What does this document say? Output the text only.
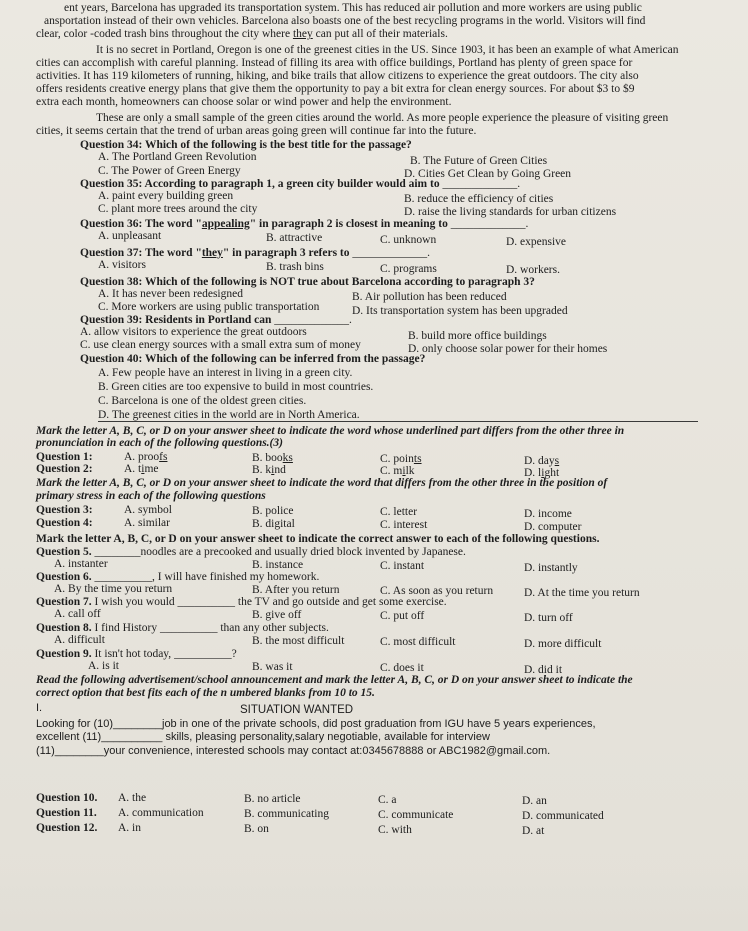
ent years, Barcelona has upgraded its transportation system. This has reduced air pollution and more workers are using public
ansportation instead of their own vehicles. Barcelona also boasts one of the best recycling programs in the world. Visitors will find
clear, color -coded trash bins throughout the city where they can put all of their materials.
It is no secret in Portland, Oregon is one of the greenest cities in the US. Since 1903, it has been an example of what American
cities can accomplish with careful planning. Instead of filling its area with office buildings, Portland has plenty of green space for
activities. It has 119 kilometers of running, hiking, and bike trails that allow citizens to experience the great outdoors. The city also
offers residents creative energy plans that give them the opportunity to pay a bit extra for clean energy sources. For about $3 to $9
extra each month, homeowners can choose solar or wind power and help the environment.
These are only a small sample of the green cities around the world. As more people experience the pleasure of visiting green
cities, it seems certain that the trend of urban areas going green will continue far into the future.
Question 34: Which of the following is the best title for the passage?
A. The Portland Green Revolution	B. The Future of Green Cities
C. The Power of Green Energy	D. Cities Get Clean by Going Green
Question 35: According to paragraph 1, a green city builder would aim to _____________.
A. paint every building green	B. reduce the efficiency of cities
C. plant more trees around the city	D. raise the living standards for urban citizens
Question 36: The word "appealing" in paragraph 2 is closest in meaning to _____________.
A. unpleasant	B. attractive	C. unknown	D. expensive
Question 37: The word "they" in paragraph 3 refers to _____________.
A. visitors	B. trash bins	C. programs	D. workers.
Question 38: Which of the following is NOT true about Barcelona according to paragraph 3?
A. It has never been redesigned	B. Air pollution has been reduced
C. More workers are using public transportation	D. Its transportation system has been upgraded
Question 39: Residents in Portland can _____________.
A. allow visitors to experience the great outdoors	B. build more office buildings
C. use clean energy sources with a small extra sum of money	D. only choose solar power for their homes
Question 40: Which of the following can be inferred from the passage?
A. Few people have an interest in living in a green city.
B. Green cities are too expensive to build in most countries.
C. Barcelona is one of the oldest green cities.
D. The greenest cities in the world are in North America.
Mark the letter A, B, C, or D on your answer sheet to indicate the word whose underlined part differs from the other three in
pronunciation in each of the following questions.(3)
Question 1:	A. proofs	B. books	C. points	D. days
Question 2:	A. time	B. kind	C. milk	D. light
Mark the letter A, B, C, or D on your answer sheet to indicate the word that differs from the other three in the position of
primary stress in each of the following questions
Question 3:	A. symbol	B. police	C. letter	D. income
Question 4:	A. similar	B. digital	C. interest	D. computer
Mark the letter A, B, C, or D on your answer sheet to indicate the correct answer to each of the following questions.
Question 5. ________noodles are a precooked and usually dried block invented by Japanese.
A. instanter	B. instance	C. instant	D. instantly
Question 6. __________, I will have finished my homework.
A. By the time you return	B. After you return	C. As soon as you return	D. At the time you return
Question 7. I wish you would __________ the TV and go outside and get some exercise.
A. call off	B. give off	C. put off	D. turn off
Question 8. I find History __________ than any other subjects.
A. difficult	B. the most difficult	C. most difficult	D. more difficult
Question 9. It isn't hot today, __________?
A. is it	B. was it	C. does it	D. did it
Read the following advertisement/school announcement and mark the letter A, B, C, or D on your answer sheet to indicate the
correct option that best fits each of the n umbered blanks from 10 to 15.
I.	SITUATION WANTED
Looking for (10)________job in one of the private schools, did post graduation from IGU have 5 years experiences,
excellent (11)__________ skills, pleasing personality,salary negotiable, available for interview
(11)________your convenience, interested schools may contact at:0345678888 or ABC1982@gmail.com.
Question 10. A. the	B. no article	C. a	D. an
Question 11. A. communication	B. communicating	C. communicate	D. communicated
Question 12. A. in	B. on	C. with	D. at
